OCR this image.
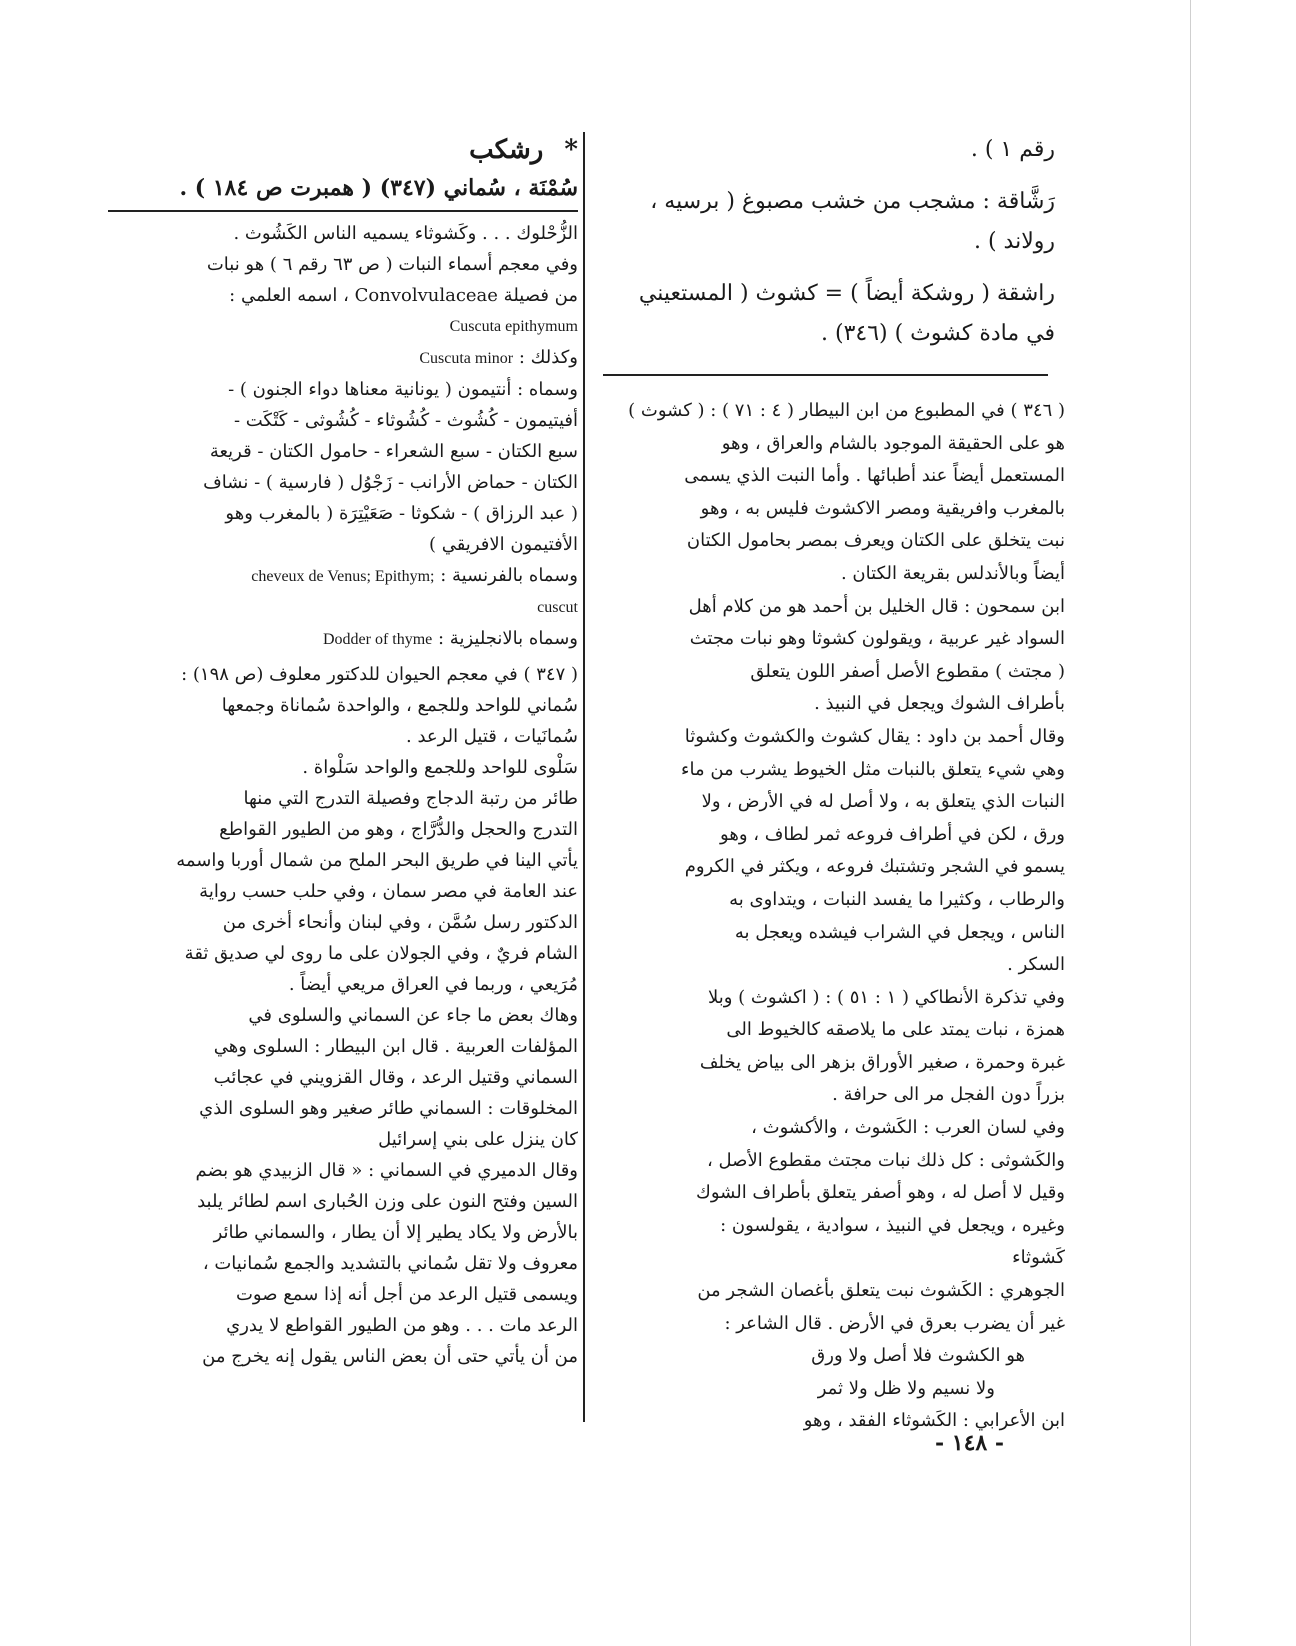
رقم ١ ) .
رَشَّاقة : مشجب من خشب مصبوغ ( برسيه ،
رولاند ) .
راشقة ( روشكة أيضاً ) = كشوث ( المستعيني
في مادة كشوث ) (٣٤٦) .
( ٣٤٦ ) في المطبوع من ابن البيطار ( ٤ : ٧١ ) : ( كشوث )
هو على الحقيقة الموجود بالشام والعراق ، وهو
المستعمل أيضاً عند أطبائها . وأما النبت الذي يسمى
بالمغرب وافريقية ومصر الاكشوث فليس به ، وهو
نبت يتخلق على الكتان ويعرف بمصر بحامول الكتان
أيضاً وبالأندلس بقريعة الكتان .
ابن سمحون : قال الخليل بن أحمد هو من كلام أهل
السواد غير عربية ، ويقولون كشوثا وهو نبات مجتث
( مجتث ) مقطوع الأصل أصفر اللون يتعلق
بأطراف الشوك ويجعل في النبيذ .
وقال أحمد بن داود : يقال كشوث والكشوث وكشوثا
وهي شيء يتعلق بالنبات مثل الخيوط يشرب من ماء
النبات الذي يتعلق به ، ولا أصل له في الأرض ، ولا
ورق ، لكن في أطراف فروعه ثمر لطاف ، وهو
يسمو في الشجر وتشتبك فروعه ، ويكثر في الكروم
والرطاب ، وكثيرا ما يفسد النبات ، ويتداوى به
الناس ، ويجعل في الشراب فيشده ويعجل به
السكر .
وفي تذكرة الأنطاكي ( ١ : ٥١ ) : ( اكشوث ) وبلا
همزة ، نبات يمتد على ما يلاصقه كالخيوط الى
غبرة وحمرة ، صغير الأوراق بزهر الى بياض يخلف
بزراً دون الفجل مر الى حرافة .
وفي لسان العرب : الكَشوث ، والأكشوث ،
والكَشوثى : كل ذلك نبات مجتث مقطوع الأصل ،
وقيل لا أصل له ، وهو أصفر يتعلق بأطراف الشوك
وغيره ، ويجعل في النبيذ ، سوادية ، يقولسون :
كَشوثاء
الجوهري : الكَشوث نبت يتعلق بأغصان الشجر من
غير أن يضرب بعرق في الأرض . قال الشاعر :
هو الكشوث فلا أصل ولا ورق
ولا نسيم ولا ظل ولا ثمر
ابن الأعرابي : الكَشوثاء الفقد ، وهو
* رشكب
سُمْنَة ، سُماني (٣٤٧) ( همبرت ص ١٨٤ ) .
الزُّحْلوك . . . وكَشوثاء يسميه الناس الكَشُوث .
وفي معجم أسماء النبات ( ص ٦٣ رقم ٦ ) هو نبات
من فصيلة Convolvulaceae ، اسمه العلمي :
Cuscuta epithymum
وكذلك : Cuscuta minor
وسماه : أنتيمون ( يونانية معناها دواء الجنون ) -
أفيتيمون - كُشُوث - كُشُوثاء - كُشُوثى - كَتْكَت -
سبع الكتان - سبع الشعراء - حامول الكتان - قريعة
الكتان - حماض الأرانب - زَجْوُل ( فارسية ) - نشاف
( عبد الرزاق ) - شكوثا - صَعَيْتِرَة ( بالمغرب وهو
الأفتيمون الافريقي )
وسماه بالفرنسية : cheveux de Venus; Epithym;
cuscut
وسماه بالانجليزية : Dodder of thyme
( ٣٤٧ ) في معجم الحيوان للدكتور معلوف (ص ١٩٨) :
سُماني للواحد وللجمع ، والواحدة سُماناة وجمعها
سُمانَيات ، قتيل الرعد .
سَلْوى للواحد وللجمع والواحد سَلْواة .
طائر من رتبة الدجاج وفصيلة التدرج التي منها
التدرج والحجل والدُّرَّاج ، وهو من الطيور القواطع
يأتي الينا في طريق البحر الملح من شمال أوربا واسمه
عند العامة في مصر سمان ، وفي حلب حسب رواية
الدكتور رسل سُمَّن ، وفي لبنان وأنحاء أخرى من
الشام فريٌ ، وفي الجولان على ما روى لي صديق ثقة
مُرَيعي ، وربما في العراق مريعي أيضاً .
وهاك بعض ما جاء عن السماني والسلوى في
المؤلفات العربية . قال ابن البيطار : السلوى وهي
السماني وقتيل الرعد ، وقال القزويني في عجائب
المخلوقات : السماني طائر صغير وهو السلوى الذي
كان ينزل على بني إسرائيل
وقال الدميري في السماني : « قال الزبيدي هو بضم
السين وفتح النون على وزن الحُبارى اسم لطائر يلبد
بالأرض ولا يكاد يطير إلا أن يطار ، والسماني طائر
معروف ولا تقل سُماني بالتشديد والجمع سُمانيات ،
ويسمى قتيل الرعد من أجل أنه إذا سمع صوت
الرعد مات . . . وهو من الطيور القواطع لا يدري
من أن يأتي حتى أن بعض الناس يقول إنه يخرج من
- ١٤٨ -
